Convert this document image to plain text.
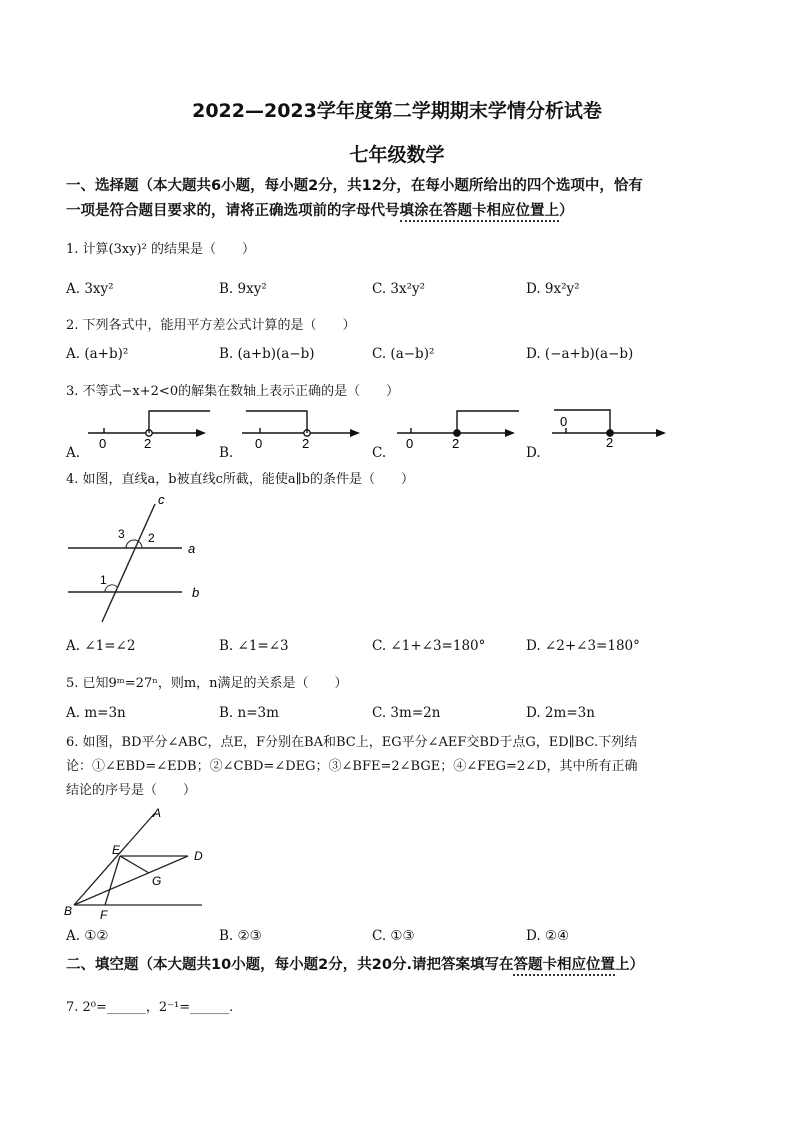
2022—2023学年度第二学期期末学情分析试卷
七年级数学
一、选择题（本大题共6小题，每小题2分，共12分，在每小题所给出的四个选项中，恰有
一项是符合题目要求的，请将正确选项前的字母代号填涂在答题卡相应位置上）
1. 计算(3xy)² 的结果是（　　）
A. 3xy²	B. 9xy²	C. 3x²y²	D. 9x²y²
2. 下列各式中，能用平方差公式计算的是（　　）
A. (a+b)²	B. (a+b)(a−b)	C. (a−b)²	D. (−a+b)(a−b)
3. 不等式−x+2<0的解集在数轴上表示正确的是（　　）
A.	B.	C.	D.
0	2	0	2	0	2
0
2
4. 如图，直线a，b被直线c所截，能使a∥b的条件是（　　）
c
a
b
3 2
1
A. ∠1=∠2	B. ∠1=∠3	C. ∠1+∠3=180°	D. ∠2+∠3=180°
5. 已知9ᵐ=27ⁿ，则m，n满足的关系是（　　）
A. m=3n	B. n=3m	C. 3m=2n	D. 2m=3n
6. 如图，BD平分∠ABC，点E，F分别在BA和BC上，EG平分∠AEF交BD于点G，ED∥BC.下列结
论：①∠EBD=∠EDB；②∠CBD=∠DEG；③∠BFE=2∠BGE；④∠FEG=2∠D，其中所有正确
结论的序号是（　　）
A
E	D
G
B F
A. ①②	B. ②③	C. ①③	D. ②④
二、填空题（本大题共10小题，每小题2分，共20分.请把答案填写在答题卡相应位置上）
7. 2⁰=______，2⁻¹=______.
